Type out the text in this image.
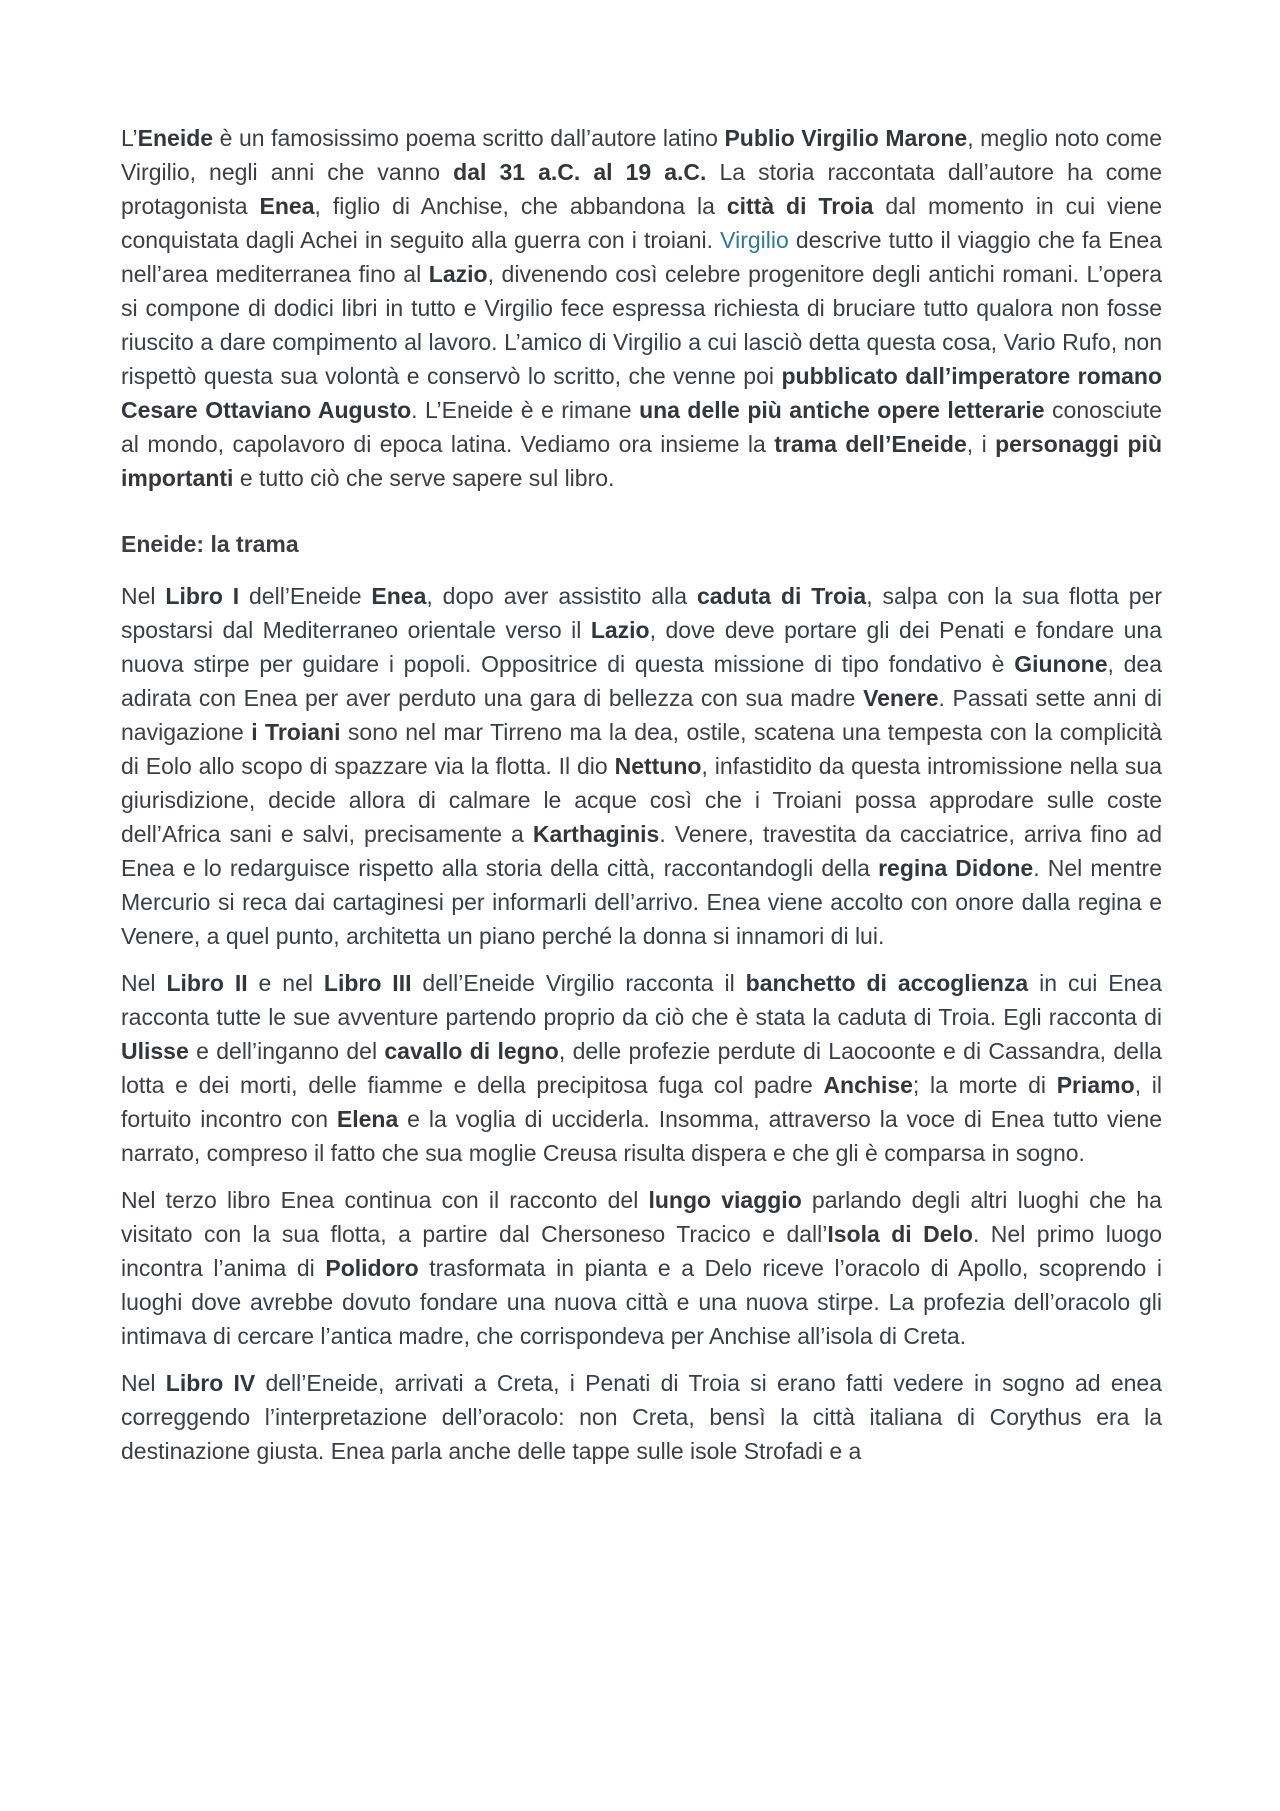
L’Eneide è un famosissimo poema scritto dall’autore latino Publio Virgilio Marone, meglio noto come Virgilio, negli anni che vanno dal 31 a.C. al 19 a.C. La storia raccontata dall’autore ha come protagonista Enea, figlio di Anchise, che abbandona la città di Troia dal momento in cui viene conquistata dagli Achei in seguito alla guerra con i troiani. Virgilio descrive tutto il viaggio che fa Enea nell’area mediterranea fino al Lazio, divenendo così celebre progenitore degli antichi romani. L’opera si compone di dodici libri in tutto e Virgilio fece espressa richiesta di bruciare tutto qualora non fosse riuscito a dare compimento al lavoro. L’amico di Virgilio a cui lasciò detta questa cosa, Vario Rufo, non rispettò questa sua volontà e conservò lo scritto, che venne poi pubblicato dall’imperatore romano Cesare Ottaviano Augusto. L’Eneide è e rimane una delle più antiche opere letterarie conosciute al mondo, capolavoro di epoca latina. Vediamo ora insieme la trama dell’Eneide, i personaggi più importanti e tutto ciò che serve sapere sul libro.

Eneide: la trama

Nel Libro I dell’Eneide Enea, dopo aver assistito alla caduta di Troia, salpa con la sua flotta per spostarsi dal Mediterraneo orientale verso il Lazio, dove deve portare gli dei Penati e fondare una nuova stirpe per guidare i popoli. Oppositrice di questa missione di tipo fondativo è Giunone, dea adirata con Enea per aver perduto una gara di bellezza con sua madre Venere. Passati sette anni di navigazione i Troiani sono nel mar Tirreno ma la dea, ostile, scatena una tempesta con la complicità di Eolo allo scopo di spazzare via la flotta. Il dio Nettuno, infastidito da questa intromissione nella sua giurisdizione, decide allora di calmare le acque così che i Troiani possa approdare sulle coste dell’Africa sani e salvi, precisamente a Karthaginis. Venere, travestita da cacciatrice, arriva fino ad Enea e lo redarguisce rispetto alla storia della città, raccontandogli della regina Didone. Nel mentre Mercurio si reca dai cartaginesi per informarli dell’arrivo. Enea viene accolto con onore dalla regina e Venere, a quel punto, architetta un piano perché la donna si innamori di lui.

Nel Libro II e nel Libro III dell’Eneide Virgilio racconta il banchetto di accoglienza in cui Enea racconta tutte le sue avventure partendo proprio da ciò che è stata la caduta di Troia. Egli racconta di Ulisse e dell’inganno del cavallo di legno, delle profezie perdute di Laocoonte e di Cassandra, della lotta e dei morti, delle fiamme e della precipitosa fuga col padre Anchise; la morte di Priamo, il fortuito incontro con Elena e la voglia di ucciderla. Insomma, attraverso la voce di Enea tutto viene narrato, compreso il fatto che sua moglie Creusa risulta dispera e che gli è comparsa in sogno.

Nel terzo libro Enea continua con il racconto del lungo viaggio parlando degli altri luoghi che ha visitato con la sua flotta, a partire dal Chersoneso Tracico e dall’Isola di Delo. Nel primo luogo incontra l’anima di Polidoro trasformata in pianta e a Delo riceve l’oracolo di Apollo, scoprendo i luoghi dove avrebbe dovuto fondare una nuova città e una nuova stirpe. La profezia dell’oracolo gli intimava di cercare l’antica madre, che corrispondeva per Anchise all’isola di Creta.

Nel Libro IV dell’Eneide, arrivati a Creta, i Penati di Troia si erano fatti vedere in sogno ad enea correggendo l’interpretazione dell’oracolo: non Creta, bensì la città italiana di Corythus era la destinazione giusta. Enea parla anche delle tappe sulle isole Strofadi e a
